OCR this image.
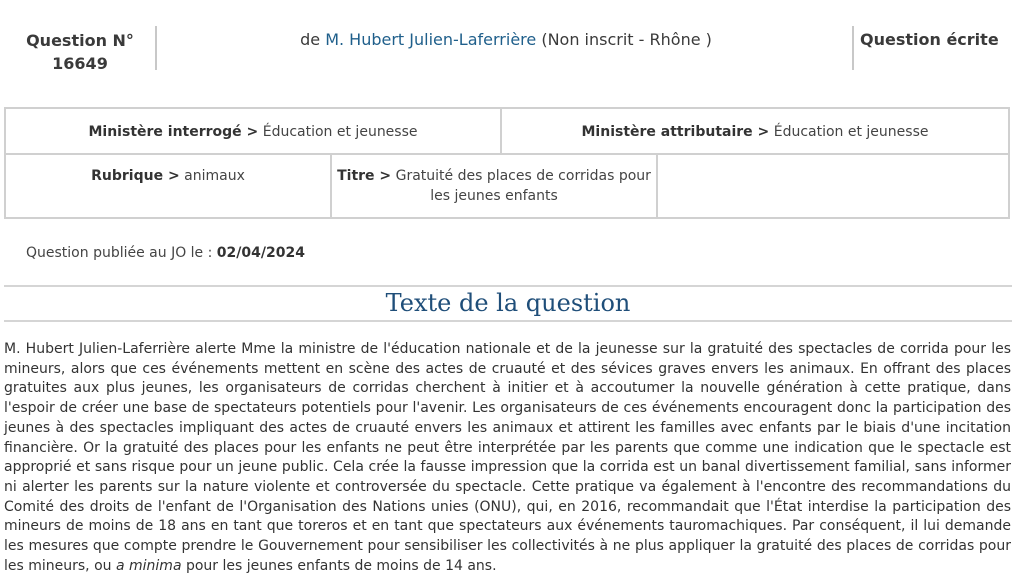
Question N°
16649
de M. Hubert Julien-Laferrière (Non inscrit - Rhône )	Question écrite
Ministère interrogé > Éducation et jeunesse	Ministère attributaire > Éducation et jeunesse
Rubrique > animaux	Titre > Gratuité des places de corridas pour les jeunes enfants
Question publiée au JO le : 02/04/2024
Texte de la question

M. Hubert Julien-Laferrière alerte Mme la ministre de l'éducation nationale et de la jeunesse sur la gratuité des spectacles de corrida pour les mineurs, alors que ces événements mettent en scène des actes de cruauté et des sévices graves envers les animaux. En offrant des places gratuites aux plus jeunes, les organisateurs de corridas cherchent à initier et à accoutumer la nouvelle génération à cette pratique, dans l'espoir de créer une base de spectateurs potentiels pour l'avenir. Les organisateurs de ces événements encouragent donc la participation des jeunes à des spectacles impliquant des actes de cruauté envers les animaux et attirent les familles avec enfants par le biais d'une incitation financière. Or la gratuité des places pour les enfants ne peut être interprétée par les parents que comme une indication que le spectacle est approprié et sans risque pour un jeune public. Cela crée la fausse impression que la corrida est un banal divertissement familial, sans informer ni alerter les parents sur la nature violente et controversée du spectacle. Cette pratique va également à l'encontre des recommandations du Comité des droits de l'enfant de l'Organisation des Nations unies (ONU), qui, en 2016, recommandait que l'État interdise la participation des mineurs de moins de 18 ans en tant que toreros et en tant que spectateurs aux événements tauromachiques. Par conséquent, il lui demande les mesures que compte prendre le Gouvernement pour sensibiliser les collectivités à ne plus appliquer la gratuité des places de corridas pour les mineurs, ou a minima pour les jeunes enfants de moins de 14 ans.
